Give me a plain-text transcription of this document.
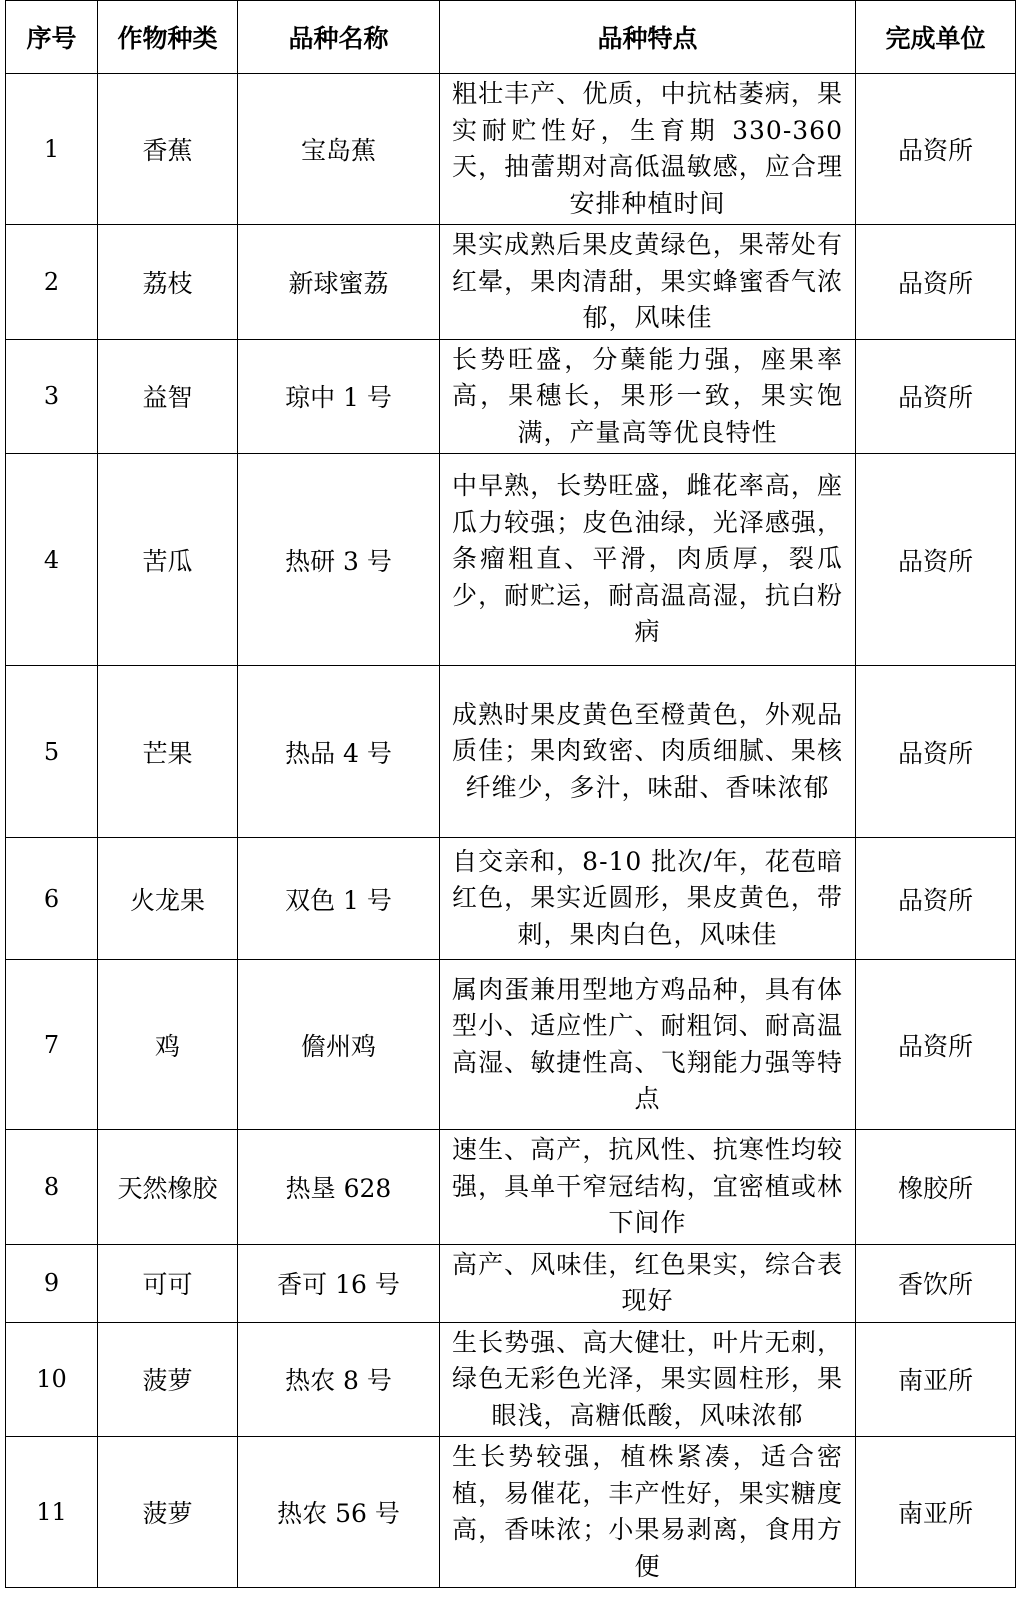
序号	作物种类	品种名称	品种特点	完成单位
1	香蕉	宝岛蕉	粗壮丰产、优质，中抗枯萎病，果实耐贮性好，生育期 330-360 天，抽蕾期对高低温敏感，应合理安排种植时间	品资所
2	荔枝	新球蜜荔	果实成熟后果皮黄绿色，果蒂处有红晕，果肉清甜，果实蜂蜜香气浓郁，风味佳	品资所
3	益智	琼中 1 号	长势旺盛，分蘖能力强，座果率高，果穗长，果形一致，果实饱满，产量高等优良特性	品资所
4	苦瓜	热研 3 号	中早熟，长势旺盛，雌花率高，座瓜力较强；皮色油绿，光泽感强，条瘤粗直、平滑，肉质厚，裂瓜少，耐贮运，耐高温高湿，抗白粉病	品资所
5	芒果	热品 4 号	成熟时果皮黄色至橙黄色，外观品质佳；果肉致密、肉质细腻、果核纤维少，多汁，味甜、香味浓郁	品资所
6	火龙果	双色 1 号	自交亲和，8-10 批次/年，花苞暗红色，果实近圆形，果皮黄色，带刺，果肉白色，风味佳	品资所
7	鸡	儋州鸡	属肉蛋兼用型地方鸡品种，具有体型小、适应性广、耐粗饲、耐高温高湿、敏捷性高、飞翔能力强等特点	品资所
8	天然橡胶	热垦 628	速生、高产，抗风性、抗寒性均较强，具单干窄冠结构，宜密植或林下间作	橡胶所
9	可可	香可 16 号	高产、风味佳，红色果实，综合表现好	香饮所
10	菠萝	热农 8 号	生长势强、高大健壮，叶片无刺，绿色无彩色光泽，果实圆柱形，果眼浅，高糖低酸，风味浓郁	南亚所
11	菠萝	热农 56 号	生长势较强，植株紧凑，适合密植，易催花，丰产性好，果实糖度高，香味浓；小果易剥离，食用方便	南亚所
